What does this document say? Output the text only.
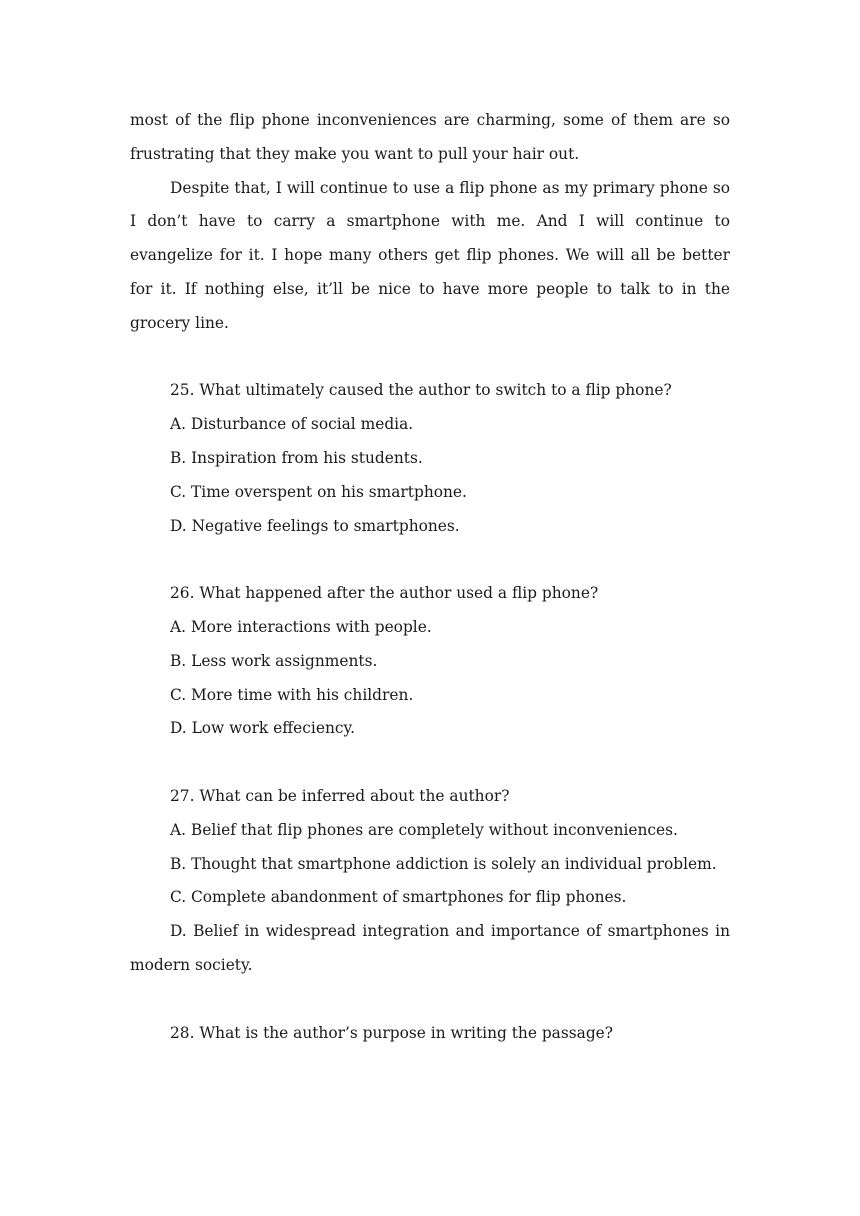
most of the flip phone inconveniences are charming, some of them are so frustrating that they make you want to pull your hair out.

Despite that, I will continue to use a flip phone as my primary phone so I don’t have to carry a smartphone with me. And I will continue to evangelize for it. I hope many others get flip phones. We will all be better for it. If nothing else, it’ll be nice to have more people to talk to in the grocery line.

25. What ultimately caused the author to switch to a flip phone?

A. Disturbance of social media.

B. Inspiration from his students.

C. Time overspent on his smartphone.

D. Negative feelings to smartphones.

26. What happened after the author used a flip phone?

A. More interactions with people.

B. Less work assignments.

C. More time with his children.

D. Low work effeciency.

27. What can be inferred about the author?

A. Belief that flip phones are completely without inconveniences.

B. Thought that smartphone addiction is solely an individual problem.

C. Complete abandonment of smartphones for flip phones.

D. Belief in widespread integration and importance of smartphones in modern society.

28. What is the author’s purpose in writing the passage?
